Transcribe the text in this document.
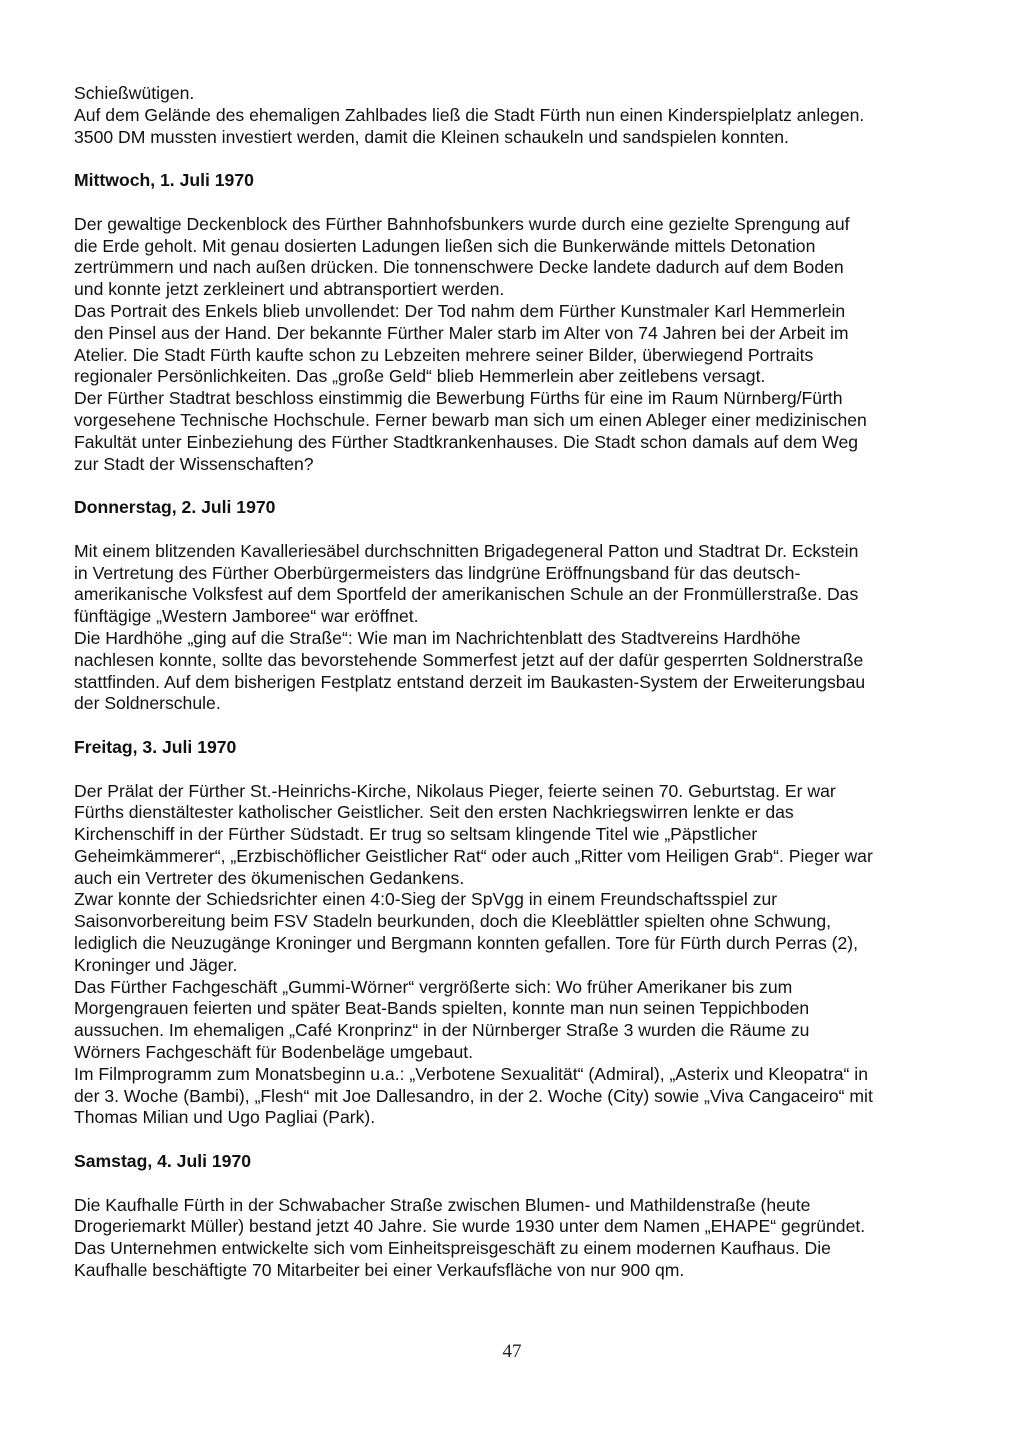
Schießwütigen.

Auf dem Gelände des ehemaligen Zahlbades ließ die Stadt Fürth nun einen Kinderspielplatz anlegen. 3500 DM mussten investiert werden, damit die Kleinen schaukeln und sandspielen konnten.

Mittwoch, 1. Juli 1970

Der gewaltige Deckenblock des Fürther Bahnhofsbunkers wurde durch eine gezielte Sprengung auf die Erde geholt. Mit genau dosierten Ladungen ließen sich die Bunkerwände mittels Detonation zertrümmern und nach außen drücken. Die tonnenschwere Decke landete dadurch auf dem Boden und konnte jetzt zerkleinert und abtransportiert werden.

Das Portrait des Enkels blieb unvollendet: Der Tod nahm dem Fürther Kunstmaler Karl Hemmerlein den Pinsel aus der Hand. Der bekannte Fürther Maler starb im Alter von 74 Jahren bei der Arbeit im Atelier. Die Stadt Fürth kaufte schon zu Lebzeiten mehrere seiner Bilder, überwiegend Portraits regionaler Persönlichkeiten. Das „große Geld“ blieb Hemmerlein aber zeitlebens versagt.

Der Fürther Stadtrat beschloss einstimmig die Bewerbung Fürths für eine im Raum Nürnberg/Fürth vorgesehene Technische Hochschule. Ferner bewarb man sich um einen Ableger einer medizinischen Fakultät unter Einbeziehung des Fürther Stadtkrankenhauses. Die Stadt schon damals auf dem Weg zur Stadt der Wissenschaften?

Donnerstag, 2. Juli 1970

Mit einem blitzenden Kavalleriesäbel durchschnitten Brigadegeneral Patton und Stadtrat Dr. Eckstein in Vertretung des Fürther Oberbürgermeisters das lindgrüne Eröffnungsband für das deutsch-amerikanische Volksfest auf dem Sportfeld der amerikanischen Schule an der Fronmüllerstraße. Das fünftägige „Western Jamboree“ war eröffnet.

Die Hardhöhe „ging auf die Straße“: Wie man im Nachrichtenblatt des Stadtvereins Hardhöhe nachlesen konnte, sollte das bevorstehende Sommerfest jetzt auf der dafür gesperrten Soldnerstraße stattfinden. Auf dem bisherigen Festplatz entstand derzeit im Baukasten-System der Erweiterungsbau der Soldnerschule.

Freitag, 3. Juli 1970

Der Prälat der Fürther St.-Heinrichs-Kirche, Nikolaus Pieger, feierte seinen 70. Geburtstag. Er war Fürths dienstältester katholischer Geistlicher. Seit den ersten Nachkriegswirren lenkte er das Kirchenschiff in der Fürther Südstadt. Er trug so seltsam klingende Titel wie „Päpstlicher Geheimkämmerer“, „Erzbischöflicher Geistlicher Rat“ oder auch „Ritter vom Heiligen Grab“. Pieger war auch ein Vertreter des ökumenischen Gedankens.

Zwar konnte der Schiedsrichter einen 4:0-Sieg der SpVgg in einem Freundschaftsspiel zur Saisonvorbereitung beim FSV Stadeln beurkunden, doch die Kleeblättler spielten ohne Schwung, lediglich die Neuzugänge Kroninger und Bergmann konnten gefallen. Tore für Fürth durch Perras (2), Kroninger und Jäger.

Das Fürther Fachgeschäft „Gummi-Wörner“ vergrößerte sich: Wo früher Amerikaner bis zum Morgengrauen feierten und später Beat-Bands spielten, konnte man nun seinen Teppichboden aussuchen. Im ehemaligen „Café Kronprinz“ in der Nürnberger Straße 3 wurden die Räume zu Wörners Fachgeschäft für Bodenbeläge umgebaut.

Im Filmprogramm zum Monatsbeginn u.a.: „Verbotene Sexualität“ (Admiral), „Asterix und Kleopatra“ in der 3. Woche (Bambi), „Flesh“ mit Joe Dallesandro, in der 2. Woche (City) sowie „Viva Cangaceiro“ mit Thomas Milian und Ugo Pagliai (Park).

Samstag, 4. Juli 1970

Die Kaufhalle Fürth in der Schwabacher Straße zwischen Blumen- und Mathildenstraße (heute Drogeriemarkt Müller) bestand jetzt 40 Jahre. Sie wurde 1930 unter dem Namen „EHAPE“ gegründet. Das Unternehmen entwickelte sich vom Einheitspreisgeschäft zu einem modernen Kaufhaus. Die Kaufhalle beschäftigte 70 Mitarbeiter bei einer Verkaufsfläche von nur 900 qm.

47
